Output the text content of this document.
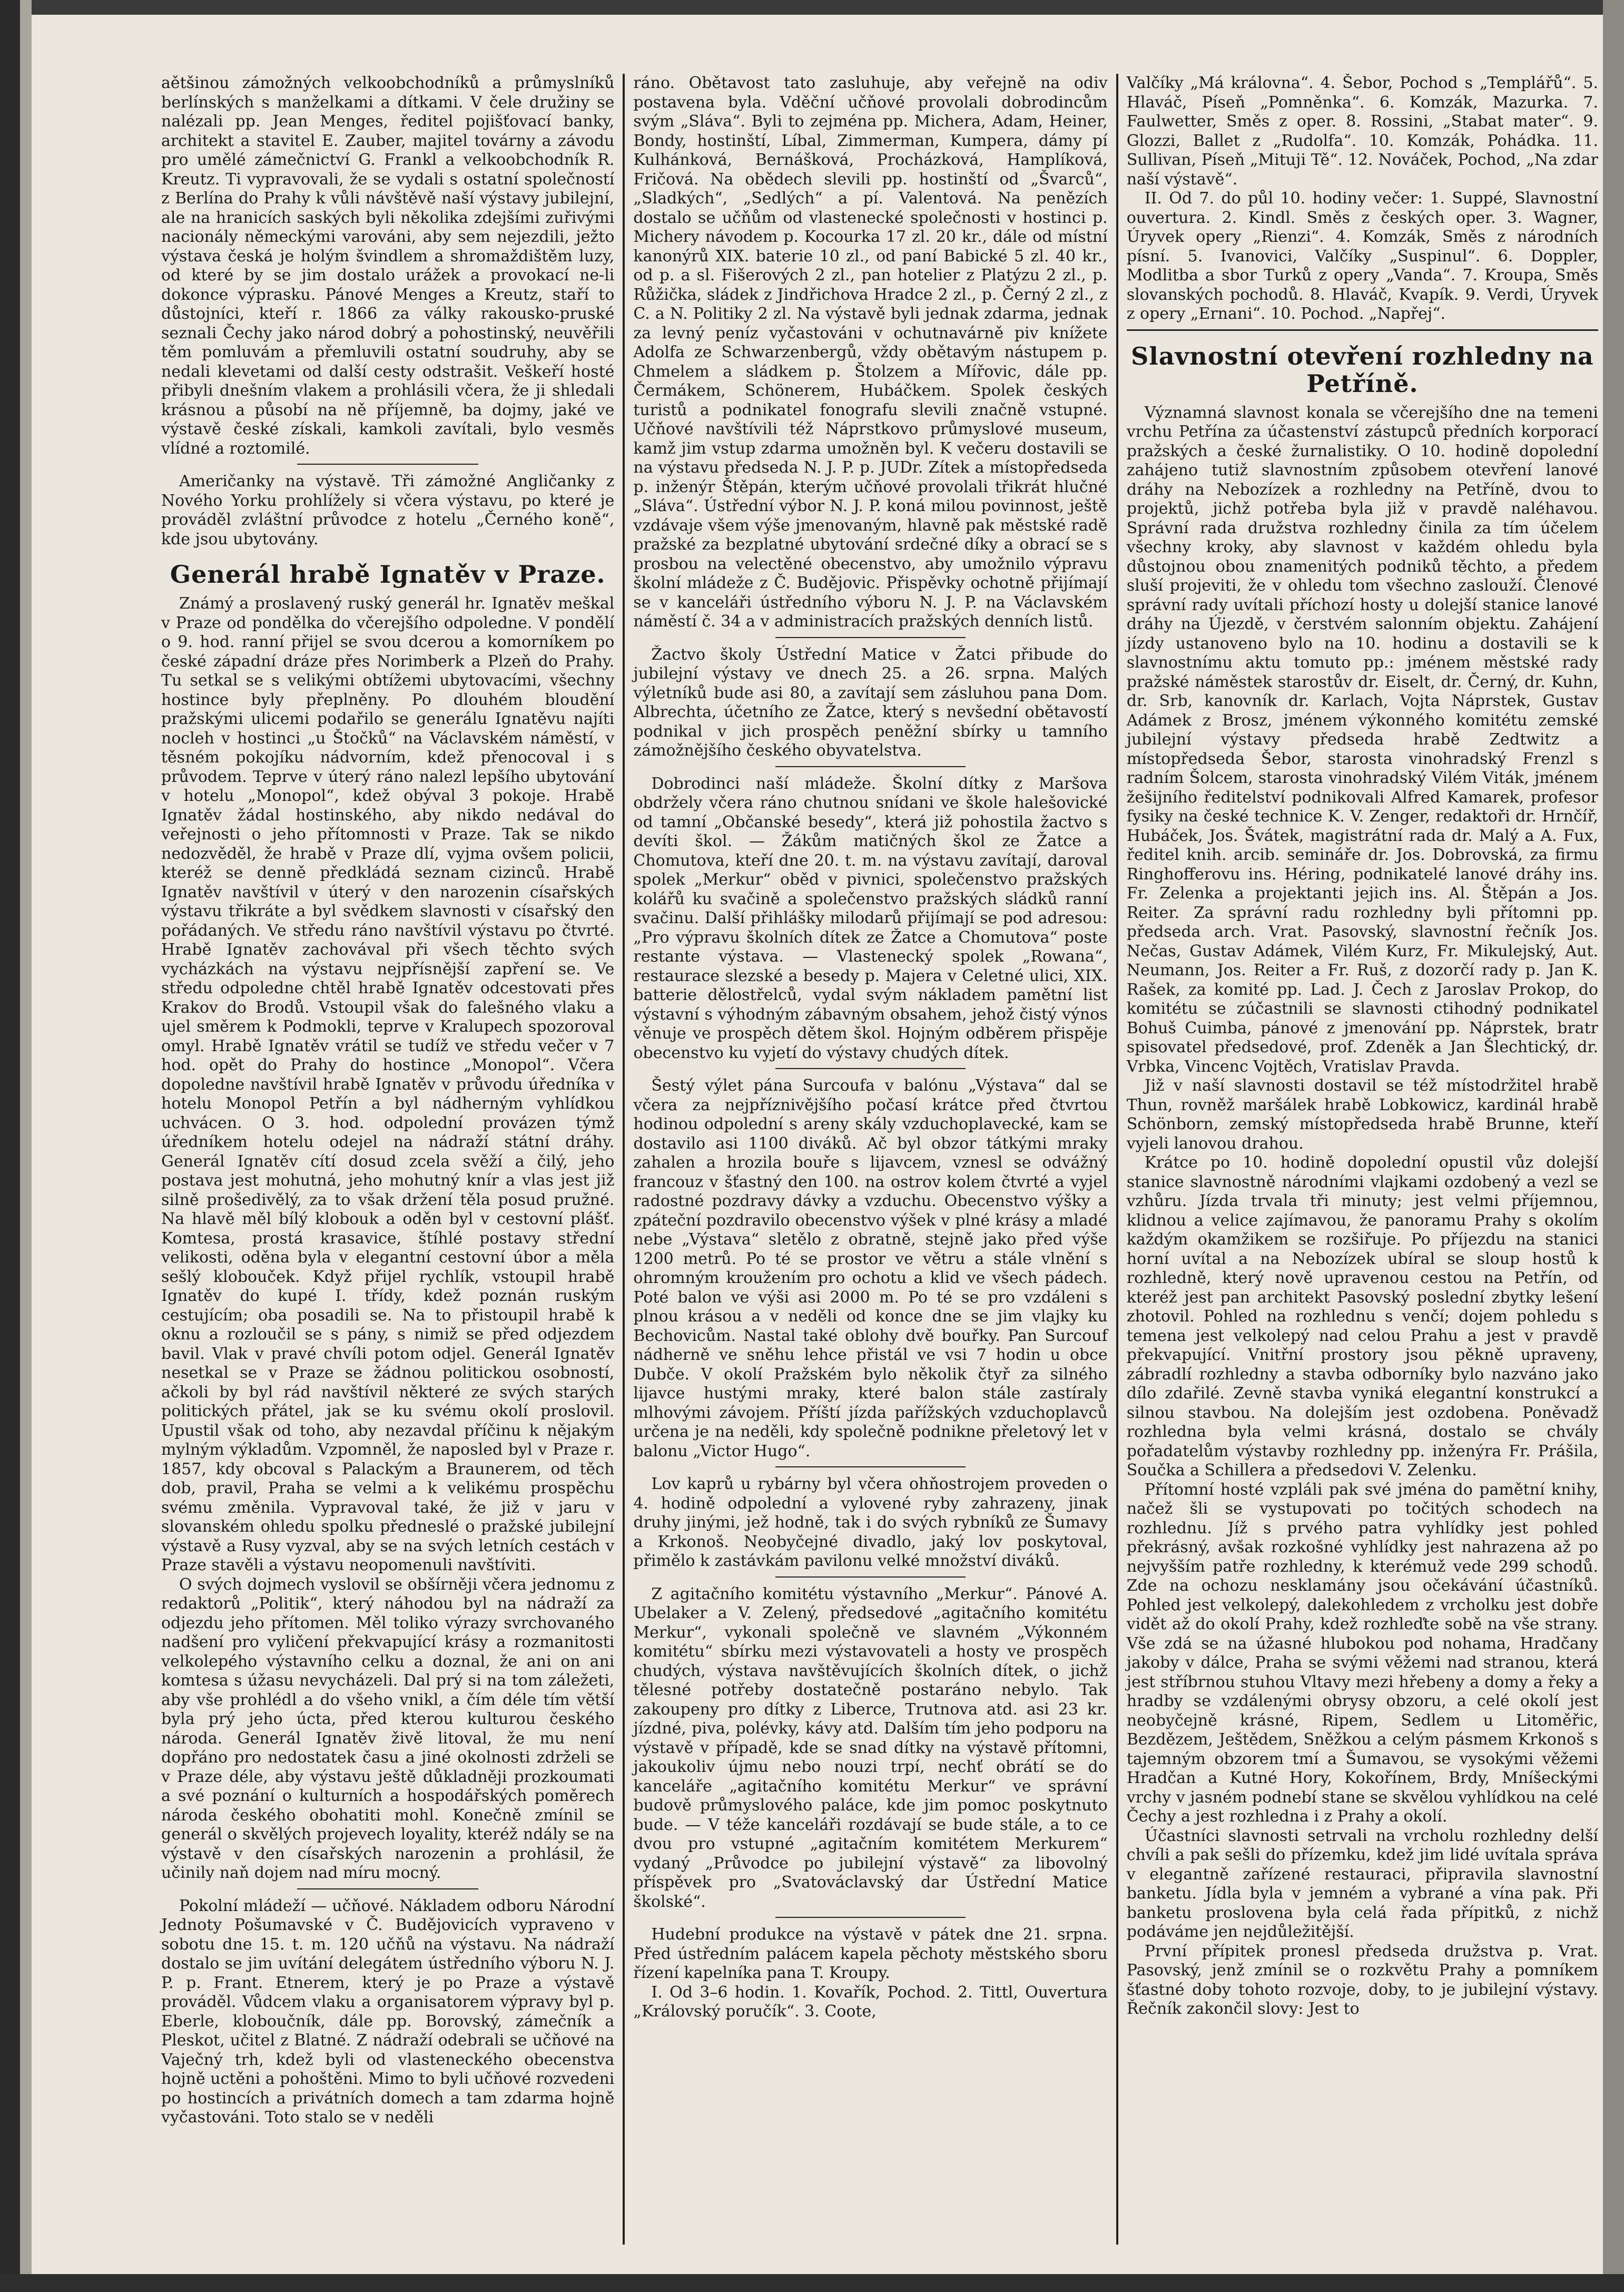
aětšinou zámožných velkoobchodníků a průmyslníků berlínských s manželkami a dítkami. V čele družiny se nalézali pp. Jean Menges, ředitel pojišťovací banky, architekt a stavitel E. Zauber, majitel továrny a závodu pro umělé zámečnictví G. Frankl a velkoobchodník R. Kreutz. Ti vypravovali, že se vydali s ostatní společností z Berlína do Prahy k vůli návštěvě naší výstavy jubilejní, ale na hranicích saských byli několika zdejšími zuřivými nacionály německými varováni, aby sem nejezdili, ježto výstava česká je holým švindlem a shromaždištěm luzy, od které by se jim dostalo urážek a provokací ne-li dokonce výprasku. Pánové Menges a Kreutz, staří to důstojníci, kteří r. 1866 za války rakousko-pruské seznali Čechy jako národ dobrý a pohostinský, neuvěřili těm pomluvám a přemluvili ostatní soudruhy, aby se nedali klevetami od další cesty odstrašit. Veškeří hosté přibyli dnešním vlakem a prohlásili včera, že ji shledali krásnou a působí na ně příjemně, ba dojmy, jaké ve výstavě české získali, kamkoli zavítali, bylo vesměs vlídné a roztomilé.

Američanky na výstavě. Tři zámožné Angličanky z Nového Yorku prohlížely si včera výstavu, po které je prováděl zvláštní průvodce z hotelu „Černého koně“, kde jsou ubytovány.

Generál hrabě Ignatěv v Praze.

Známý a proslavený ruský generál hr. Ignatěv meškal v Praze od pondělka do včerejšího odpoledne. V pondělí o 9. hod. ranní přijel se svou dcerou a komorníkem po české západní dráze přes Norimberk a Plzeň do Prahy. Tu setkal se s velikými obtížemi ubytovacími, všechny hostince byly přeplněny. Po dlouhém bloudění pražskými ulicemi podařilo se generálu Ignatěvu najíti nocleh v hostinci „u Štočků“ na Václavském náměstí, v těsném pokojíku nádvorním, kdež přenocoval i s průvodem. Teprve v úterý ráno nalezl lepšího ubytování v hotelu „Monopol“, kdež obýval 3 pokoje. Hrabě Ignatěv žádal hostinského, aby nikdo nedával do veřejnosti o jeho přítomnosti v Praze. Tak se nikdo nedozvěděl, že hrabě v Praze dlí, vyjma ovšem policii, kteréž se denně předkládá seznam cizinců. Hrabě Ignatěv navštívil v úterý v den narozenin císařských výstavu třikráte a byl svědkem slavnosti v císařský den pořádaných. Ve středu ráno navštívil výstavu po čtvrté. Hrabě Ignatěv zachovával při všech těchto svých vycházkách na výstavu nejpřísnější zapření se. Ve středu odpoledne chtěl hrabě Ignatěv odcestovati přes Krakov do Brodů. Vstoupil však do falešného vlaku a ujel směrem k Podmokli, teprve v Kralupech spozoroval omyl. Hrabě Ignatěv vrátil se tudíž ve středu večer v 7 hod. opět do Prahy do hostince „Monopol“. Včera dopoledne navštívil hrabě Ignatěv v průvodu úředníka v hotelu Monopol Petřín a byl nádherným vyhlídkou uchvácen. O 3. hod. odpolední provázen týmž úředníkem hotelu odejel na nádraží státní dráhy. Generál Ignatěv cítí dosud zcela svěží a čilý, jeho postava jest mohutná, jeho mohutný knír a vlas jest již silně prošedivělý, za to však držení těla posud pružné. Na hlavě měl bílý klobouk a oděn byl v cestovní plášť. Komtesa, prostá krasavice, štíhlé postavy střední velikosti, oděna byla v elegantní cestovní úbor a měla sešlý klobouček. Když přijel rychlík, vstoupil hrabě Ignatěv do kupé I. třídy, kdež poznán ruským cestujícím; oba posadili se. Na to přistoupil hrabě k oknu a rozloučil se s pány, s nimiž se před odjezdem bavil. Vlak v pravé chvíli potom odjel. Generál Ignatěv nesetkal se v Praze se žádnou politickou osobností, ačkoli by byl rád navštívil některé ze svých starých politických přátel, jak se ku svému okolí proslovil. Upustil však od toho, aby nezavdal příčinu k nějakým mylným výkladům. Vzpomněl, že naposled byl v Praze r. 1857, kdy obcoval s Palackým a Braunerem, od těch dob, pravil, Praha se velmi a k velikému prospěchu svému změnila. Vypravoval také, že již v jaru v slovanském ohledu spolku předneslé o pražské jubilejní výstavě a Rusy vyzval, aby se na svých letních cestách v Praze stavěli a výstavu neopomenuli navštíviti.

O svých dojmech vyslovil se obšírněji včera jednomu z redaktorů „Politik“, který náhodou byl na nádraží za odjezdu jeho přítomen. Měl toliko výrazy svrchovaného nadšení pro vyličení překvapující krásy a rozmanitosti velkolepého výstavního celku a doznal, že ani on ani komtesa s úžasu nevycházeli. Dal prý si na tom záležeti, aby vše prohlédl a do všeho vnikl, a čím déle tím větší byla prý jeho úcta, před kterou kulturou českého národa. Generál Ignatěv živě litoval, že mu není dopřáno pro nedostatek času a jiné okolnosti zdrželi se v Praze déle, aby výstavu ještě důkladněji prozkoumati a své poznání o kulturních a hospodářských poměrech národa českého obohatiti mohl. Konečně zmínil se generál o skvělých projevech loyality, kteréž ndály se na výstavě v den císařských narozenin a prohlásil, že učinily naň dojem nad míru mocný.

Pokolní mládeží — učňové. Nákladem odboru Národní Jednoty Pošumavské v Č. Budějovicích vypraveno v sobotu dne 15. t. m. 120 učňů na výstavu. Na nádraží dostalo se jim uvítání delegátem ústředního výboru N. J. P. p. Frant. Etnerem, který je po Praze a výstavě prováděl. Vůdcem vlaku a organisatorem výpravy byl p. Eberle, kloboučník, dále pp. Borovský, zámečník a Pleskot, učitel z Blatné. Z nádraží odebrali se učňové na Vaječný trh, kdež byli od vlasteneckého obecenstva hojně uctěni a pohoštěni. Mimo to byli učňové rozvedeni po hostincích a privátních domech a tam zdarma hojně vyčastováni. Toto stalo se v neděli

ráno. Obětavost tato zasluhuje, aby veřejně na odiv postavena byla. Vděční učňové provolali dobrodincům svým „Sláva“. Byli to zejména pp. Michera, Adam, Heiner, Bondy, hostinští, Líbal, Zimmerman, Kumpera, dámy pí Kulhánková, Bernášková, Procházková, Hamplíková, Fričová. Na obědech slevili pp. hostinští od „Švarců“, „Sladkých“, „Sedlých“ a pí. Valentová. Na penězích dostalo se učňům od vlastenecké společnosti v hostinci p. Michery návodem p. Kocourka 17 zl. 20 kr., dále od místní kanonýrů XIX. baterie 10 zl., od paní Babické 5 zl. 40 kr., od p. a sl. Fišerových 2 zl., pan hotelier z Platýzu 2 zl., p. Růžička, sládek z Jindřichova Hradce 2 zl., p. Černý 2 zl., z C. a N. Politiky 2 zl. Na výstavě byli jednak zdarma, jednak za levný peníz vyčastováni v ochutnavárně piv knížete Adolfa ze Schwarzenbergů, vždy obětavým nástupem p. Chmelem a sládkem p. Štolzem a Mířovic, dále pp. Čermákem, Schönerem, Hubáčkem. Spolek českých turistů a podnikatel fonografu slevili značně vstupné. Učňové navštívili též Náprstkovo průmyslové museum, kamž jim vstup zdarma umožněn byl. K večeru dostavili se na výstavu předseda N. J. P. p. JUDr. Zítek a místopředseda p. inženýr Štěpán, kterým učňové provolali třikrát hlučné „Sláva“. Ústřední výbor N. J. P. koná milou povinnost, ještě vzdávaje všem výše jmenovaným, hlavně pak městské radě pražské za bezplatné ubytování srdečné díky a obrací se s prosbou na velectěné obecenstvo, aby umožnilo výpravu školní mládeže z Č. Budějovic. Přispěvky ochotně přijímají se v kanceláři ústředního výboru N. J. P. na Václavském náměstí č. 34 a v administracích pražských denních listů.

Žactvo školy Ústřední Matice v Žatci přibude do jubilejní výstavy ve dnech 25. a 26. srpna. Malých výletníků bude asi 80, a zavítají sem zásluhou pana Dom. Albrechta, účetního ze Žatce, který s nevšední obětavostí podnikal v jich prospěch peněžní sbírky u tamního zámožnějšího českého obyvatelstva.

Dobrodinci naší mládeže. Školní dítky z Maršova obdržely včera ráno chutnou snídani ve škole halešovické od tamní „Občanské besedy“, která již pohostila žactvo s devíti škol. — Žákům matičných škol ze Žatce a Chomutova, kteří dne 20. t. m. na výstavu zavítají, daroval spolek „Merkur“ oběd v pivnici, společenstvo pražských kolářů ku svačině a společenstvo pražských sládků ranní svačinu. Další přihlášky milodarů přijímají se pod adresou: „Pro výpravu školních dítek ze Žatce a Chomutova“ poste restante výstava. — Vlastenecký spolek „Rowana“, restaurace slezské a besedy p. Majera v Celetné ulici, XIX. batterie dělostřelců, vydal svým nákladem pamětní list výstavní s výhodným zábavným obsahem, jehož čistý výnos věnuje ve prospěch dětem škol. Hojným odběrem přispěje obecenstvo ku vyjetí do výstavy chudých dítek.

Šestý výlet pána Surcoufa v balónu „Výstava“ dal se včera za nejpříznivějšího počasí krátce před čtvrtou hodinou odpolední s areny skály vzduchoplavecké, kam se dostavilo asi 1100 diváků. Ač byl obzor tátkými mraky zahalen a hrozila bouře s lijavcem, vznesl se odvážný francouz v šťastný den 100. na ostrov kolem čtvrté a vyjel radostné pozdravy dávky a vzduchu. Obecenstvo výšky a zpáteční pozdravilo obecenstvo výšek v plné krásy a mladé nebe „Výstava“ sletělo z obratně, stejně jako před výše 1200 metrů. Po té se prostor ve větru a stále vlnění s ohromným kroužením pro ochotu a klid ve všech pádech. Poté balon ve výši asi 2000 m. Po té se pro vzdáleni s plnou krásou a v neděli od konce dne se jim vlajky ku Bechovicům. Nastal také oblohy dvě bouřky. Pan Surcouf nádherně ve sněhu lehce přistál ve vsi 7 hodin u obce Dubče. V okolí Pražském bylo několik čtyř za silného lijavce hustými mraky, které balon stále zastíraly mlhovými závojem. Příští jízda pařížských vzduchoplavců určena je na neděli, kdy společně podnikne přeletový let v balonu „Victor Hugo“.

Lov kaprů u rybárny byl včera ohňostrojem proveden o 4. hodině odpolední a vylovené ryby zahrazeny, jinak druhy jinými, jež hodně, tak i do svých rybníků ze Šumavy a Krkonoš. Neobyčejné divadlo, jaký lov poskytoval, přimělo k zastávkám pavilonu velké množství diváků.

Z agitačního komitétu výstavního „Merkur“. Pánové A. Ubelaker a V. Zelený, předsedové „agitačního komitétu Merkur“, vykonali společně ve slavném „Výkonném komitétu“ sbírku mezi výstavovateli a hosty ve prospěch chudých, výstava navštěvujících školních dítek, o jichž tělesné potřeby dostatečně postaráno nebylo. Tak zakoupeny pro dítky z Liberce, Trutnova atd. asi 23 kr. jízdné, piva, polévky, kávy atd. Dalším tím jeho podporu na výstavě v případě, kde se snad dítky na výstavě přítomni, jakoukoliv újmu nebo nouzi trpí, nechť obrátí se do kanceláře „agitačního komitétu Merkur“ ve správní budově průmyslového paláce, kde jim pomoc poskytnuto bude. — V téže kanceláři rozdávají se bude stále, a to ce dvou pro vstupné „agitačním komitétem Merkurem“ vydaný „Průvodce po jubilejní výstavě“ za libovolný příspěvek pro „Svatováclavský dar Ústřední Matice školské“.

Hudební produkce na výstavě v pátek dne 21. srpna. Před ústředním palácem kapela pěchoty městského sboru řízení kapelníka pana T. Kroupy.

I. Od 3–6 hodin. 1. Kovařík, Pochod. 2. Tittl, Ouvertura „Královský poručík“. 3. Coote,

Valčíky „Má královna“. 4. Šebor, Pochod s „Templářů“. 5. Hlaváč, Píseň „Pomněnka“. 6. Komzák, Mazurka. 7. Faulwetter, Směs z oper. 8. Rossini, „Stabat mater“. 9. Glozzi, Ballet z „Rudolfa“. 10. Komzák, Pohádka. 11. Sullivan, Píseň „Mituji Tě“. 12. Nováček, Pochod, „Na zdar naší výstavě“.

II. Od 7. do půl 10. hodiny večer: 1. Suppé, Slavnostní ouvertura. 2. Kindl. Směs z českých oper. 3. Wagner, Úryvek opery „Rienzi“. 4. Komzák, Směs z národních písní. 5. Ivanovici, Valčíky „Suspinul“. 6. Doppler, Modlitba a sbor Turků z opery „Vanda“. 7. Kroupa, Směs slovanských pochodů. 8. Hlaváč, Kvapík. 9. Verdi, Úryvek z opery „Ernani“. 10. Pochod. „Napřej“.

Slavnostní otevření rozhledny na Petříně.

Významná slavnost konala se včerejšího dne na temeni vrchu Petřína za účastenství zástupců předních korporací pražských a české žurnalistiky. O 10. hodině dopolední zahájeno tutiž slavnostním způsobem otevření lanové dráhy na Nebozízek a rozhledny na Petříně, dvou to projektů, jichž potřeba byla již v pravdě naléhavou. Správní rada družstva rozhledny činila za tím účelem všechny kroky, aby slavnost v každém ohledu byla důstojnou obou znamenitých podniků těchto, a předem sluší projeviti, že v ohledu tom všechno zaslouží. Členové správní rady uvítali příchozí hosty u dolejší stanice lanové dráhy na Újezdě, v čerstvém salonním objektu. Zahájení jízdy ustanoveno bylo na 10. hodinu a dostavili se k slavnostnímu aktu tomuto pp.: jménem městské rady pražské náměstek starostův dr. Eiselt, dr. Černý, dr. Kuhn, dr. Srb, kanovník dr. Karlach, Vojta Náprstek, Gustav Adámek z Brosz, jménem výkonného komitétu zemské jubilejní výstavy předseda hrabě Zedtwitz a místopředseda Šebor, starosta vinohradský Frenzl s radním Šolcem, starosta vinohradský Vilém Viták, jménem žešijního ředitelství podnikovali Alfred Kamarek, profesor fysiky na české technice K. V. Zenger, redaktoři dr. Hrnčíř, Hubáček, Jos. Švátek, magistrátní rada dr. Malý a A. Fux, ředitel knih. arcib. semináře dr. Jos. Dobrovská, za firmu Ringhofferovu ins. Héring, podnikatelé lanové dráhy ins. Fr. Zelenka a projektanti jejich ins. Al. Štěpán a Jos. Reiter. Za správní radu rozhledny byli přítomni pp. předseda arch. Vrat. Pasovský, slavnostní řečník Jos. Nečas, Gustav Adámek, Vilém Kurz, Fr. Mikulejský, Aut. Neumann, Jos. Reiter a Fr. Ruš, z dozorčí rady p. Jan K. Rašek, za komité pp. Lad. J. Čech z Jaroslav Prokop, do komitétu se zúčastnili se slavnosti ctihodný podnikatel Bohuš Cuimba, pánové z jmenování pp. Náprstek, bratr spisovatel předsedové, prof. Zdeněk a Jan Šlechtický, dr. Vrbka, Vincenc Vojtěch, Vratislav Pravda.

Již v naší slavnosti dostavil se též místodržitel hrabě Thun, rovněž maršálek hrabě Lobkowicz, kardinál hrabě Schönborn, zemský místopředseda hrabě Brunne, kteří vyjeli lanovou drahou.

Krátce po 10. hodině dopolední opustil vůz dolejší stanice slavnostně národními vlajkami ozdobený a vezl se vzhůru. Jízda trvala tři minuty; jest velmi příjemnou, klidnou a velice zajímavou, že panoramu Prahy s okolím každým okamžikem se rozšiřuje. Po příjezdu na stanici horní uvítal a na Nebozízek ubíral se sloup hostů k rozhledně, který nově upravenou cestou na Petřín, od kteréž jest pan architekt Pasovský poslední zbytky lešení zhotovil. Pohled na rozhlednu s venčí; dojem pohledu s temena jest velkolepý nad celou Prahu a jest v pravdě překvapující. Vnitřní prostory jsou pěkně upraveny, zábradlí rozhledny a stavba odborníky bylo nazváno jako dílo zdařilé. Zevně stavba vyniká elegantní konstrukcí a silnou stavbou. Na dolejším jest ozdobena. Poněvadž rozhledna byla velmi krásná, dostalo se chvály pořadatelům výstavby rozhledny pp. inženýra Fr. Prášila, Součka a Schillera a předsedovi V. Zelenku.

Přítomní hosté vzpláli pak své jména do pamětní knihy, načež šli se vystupovati po točitých schodech na rozhlednu. Jíž s prvého patra vyhlídky jest pohled překrásný, avšak rozkošné vyhlídky jest nahrazena až po nejvyšším patře rozhledny, k kterémuž vede 299 schodů. Zde na ochozu nesklamány jsou očekávání účastníků. Pohled jest velkolepý, dalekohledem z vrcholku jest dobře vidět až do okolí Prahy, kdež rozhleďte sobě na vše strany. Vše zdá se na úžasné hlubokou pod nohama, Hradčany jakoby v dálce, Praha se svými věžemi nad stranou, která jest stříbrnou stuhou Vltavy mezi hřebeny a domy a řeky a hradby se vzdálenými obrysy obzoru, a celé okolí jest neobyčejně krásné, Ripem, Sedlem u Litoměřic, Bezdězem, Ještědem, Sněžkou a celým pásmem Krkonoš s tajemným obzorem tmí a Šumavou, se vysokými věžemi Hradčan a Kutné Hory, Kokořínem, Brdy, Mníšeckými vrchy v jasném podnebí stane se skvělou vyhlídkou na celé Čechy a jest rozhledna i z Prahy a okolí.

Účastníci slavnosti setrvali na vrcholu rozhledny delší chvíli a pak sešli do přízemku, kdež jim lidé uvítala správa v elegantně zařízené restauraci, připravila slavnostní banketu. Jídla byla v jemném a vybrané a vína pak. Při banketu proslovena byla celá řada přípitků, z nichž podáváme jen nejdůležitější.

První přípitek pronesl předseda družstva p. Vrat. Pasovský, jenž zmínil se o rozkvětu Prahy a pomníkem šťastné doby tohoto rozvoje, doby, to je jubilejní výstavy. Řečník zakončil slovy: Jest to
